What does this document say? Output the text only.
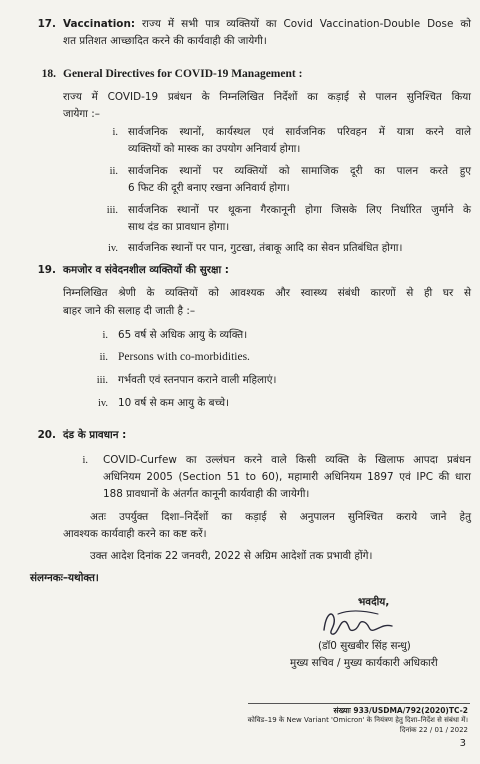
17. Vaccination: राज्य में सभी पात्र व्यक्तियों का Covid Vaccination-Double Dose को
शत प्रतिशत आच्छादित करने की कार्यवाही की जायेगी।
18. General Directives for COVID-19 Management :
राज्य में COVID-19 प्रबंधन के निम्नलिखित निर्देशों का कड़ाई से पालन सुनिश्चित किया
जायेगा :–
i. सार्वजनिक स्थानों, कार्यस्थल एवं सार्वजनिक परिवहन में यात्रा करने वाले
व्यक्तियों को मास्क का उपयोग अनिवार्य होगा।
ii. सार्वजनिक स्थानों पर व्यक्तियों को सामाजिक दूरी का पालन करते हुए
6 फिट की दूरी बनाए रखना अनिवार्य होगा।
iii. सार्वजनिक स्थानों पर थूकना गैरकानूनी होगा जिसके लिए निर्धारित जुर्माने के
साथ दंड का प्रावधान होगा।
iv. सार्वजनिक स्थानों पर पान, गुटखा, तंबाकू आदि का सेवन प्रतिबंधित होगा।
19. कमजोर व संवेदनशील व्यक्तियों की सुरक्षा :
निम्नलिखित श्रेणी के व्यक्तियों को आवश्यक और स्वास्थ्य संबंधी कारणों से ही घर से
बाहर जाने की सलाह दी जाती है :–
i. 65 वर्ष से अधिक आयु के व्यक्ति।
ii. Persons with co-morbidities.
iii. गर्भवती एवं स्तनपान कराने वाली महिलाएं।
iv. 10 वर्ष से कम आयु के बच्चे।
20. दंड के प्रावधान :
i. COVID-Curfew का उल्लंघन करने वाले किसी व्यक्ति के खिलाफ आपदा प्रबंधन
अधिनियम 2005 (Section 51 to 60), महामारी अधिनियम 1897 एवं IPC की धारा
188 प्रावधानों के अंतर्गत कानूनी कार्यवाही की जायेगी।
अतः उपर्युक्त दिशा–निर्देशों का कड़ाई से अनुपालन सुनिश्चित कराये जाने हेतु
आवश्यक कार्यवाही करने का कष्ट करें।
उक्त आदेश दिनांक 22 जनवरी, 2022 से अग्रिम आदेशों तक प्रभावी होंगे।
संलग्नकः–यथोक्त।
भवदीय,
(डॉ0 सुखबीर सिंह सन्धु)
मुख्य सचिव / मुख्य कार्यकारी अधिकारी
संख्याः 933/USDMA/792(2020)TC-2
कोविड–19 के New Variant 'Omicron' के नियंत्रण हेतु दिशा–निर्देश से संबंधा में।
दिनांक 22 / 01 / 2022
3
